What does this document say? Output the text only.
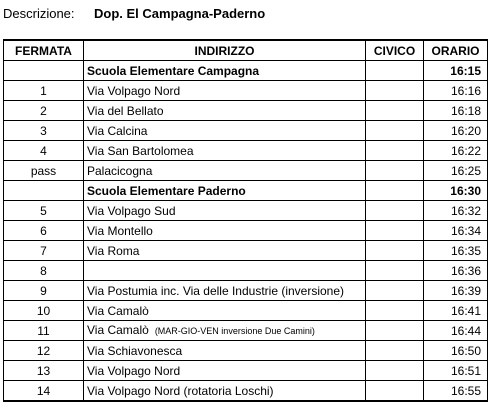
Descrizione:	Dop. El Campagna-Paderno
FERMATA	INDIRIZZO	CIVICO	ORARIO
	Scuola Elementare Campagna		16:15
1	Via Volpago Nord		16:16
2	Via del Bellato		16:18
3	Via Calcina		16:20
4	Via San Bartolomea		16:22
pass	Palacicogna		16:25
	Scuola Elementare Paderno		16:30
5	Via Volpago Sud		16:32
6	Via Montello		16:34
7	Via Roma		16:35
8			16:36
9	Via Postumia inc. Via delle Industrie (inversione)		16:39
10	Via Camalò		16:41
11	Via Camalò (MAR-GIO-VEN inversione Due Camini)		16:44
12	Via Schiavonesca		16:50
13	Via Volpago Nord		16:51
14	Via Volpago Nord (rotatoria Loschi)		16:55
